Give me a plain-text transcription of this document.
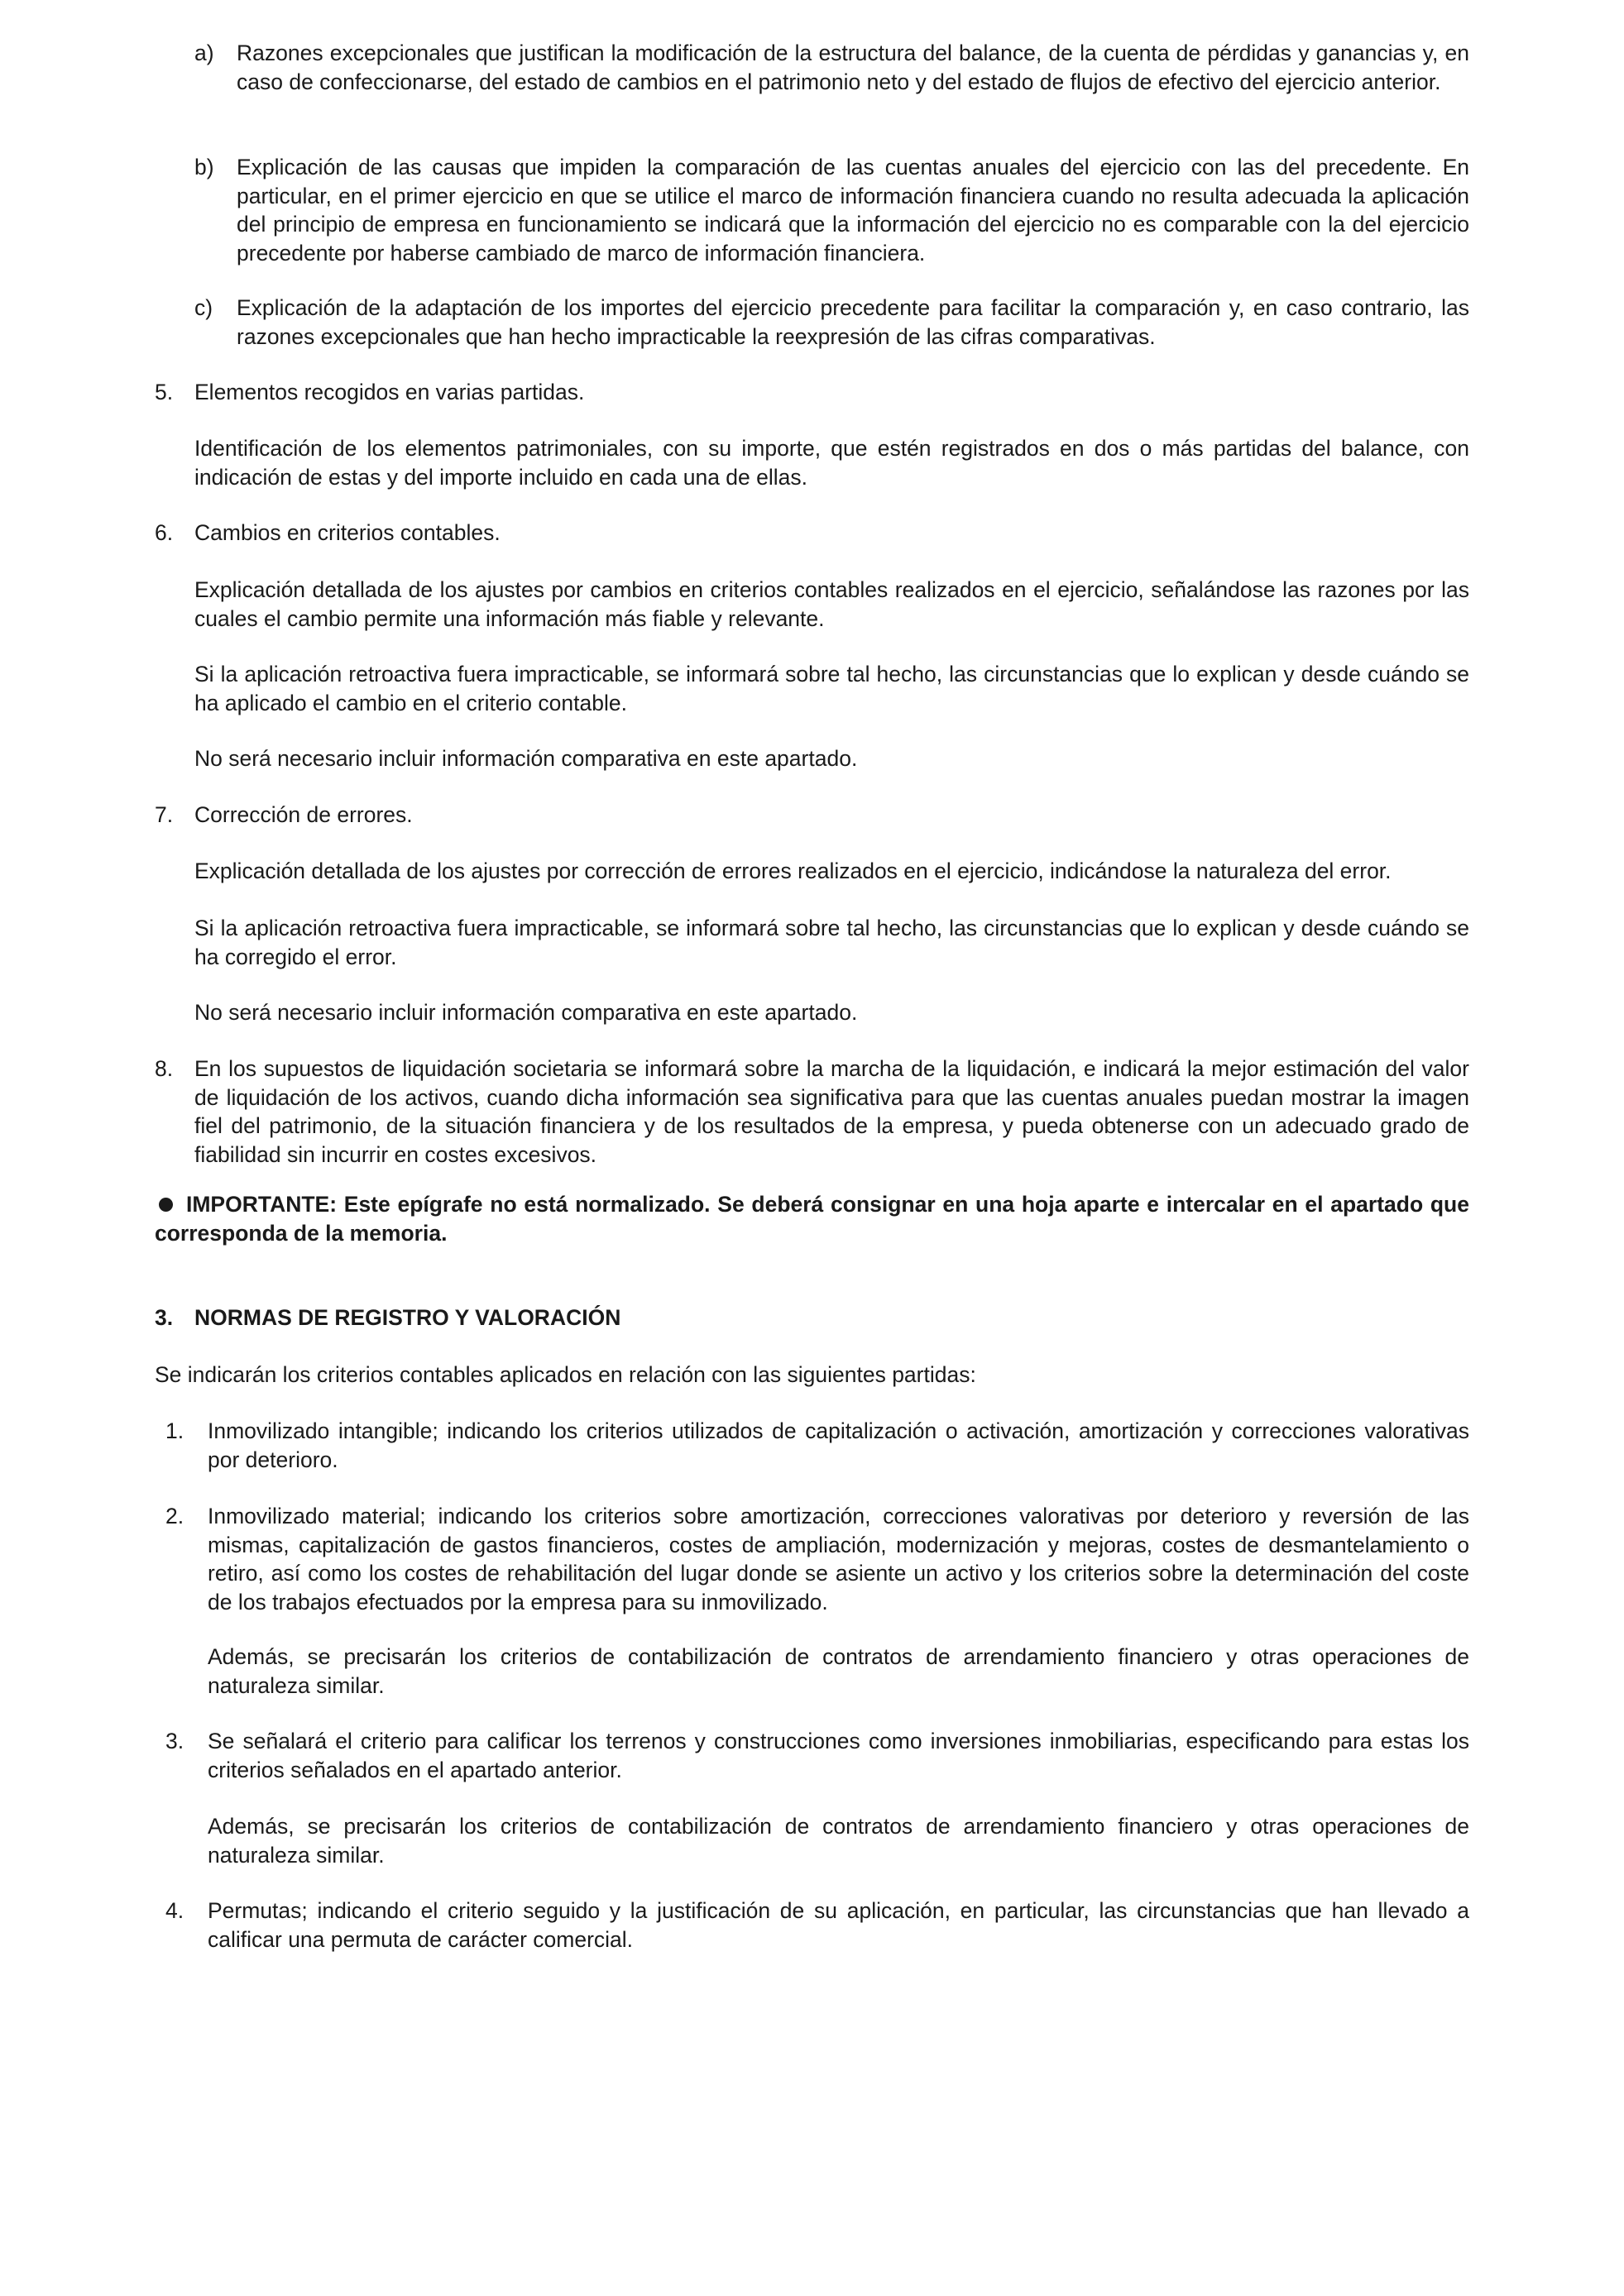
a) Razones excepcionales que justifican la modificación de la estructura del balance, de la cuenta de pérdidas y ganancias y, en caso de confeccionarse, del estado de cambios en el patrimonio neto y del estado de flujos de efectivo del ejercicio anterior.

b) Explicación de las causas que impiden la comparación de las cuentas anuales del ejercicio con las del precedente. En particular, en el primer ejercicio en que se utilice el marco de información financiera cuando no resulta adecuada la aplicación del principio de empresa en funcionamiento se indicará que la información del ejercicio no es comparable con la del ejercicio precedente por haberse cambiado de marco de información financiera.

c) Explicación de la adaptación de los importes del ejercicio precedente para facilitar la comparación y, en caso contrario, las razones excepcionales que han hecho impracticable la reexpresión de las cifras comparativas.

5. Elementos recogidos en varias partidas.

Identificación de los elementos patrimoniales, con su importe, que estén registrados en dos o más partidas del balance, con indicación de estas y del importe incluido en cada una de ellas.

6. Cambios en criterios contables.

Explicación detallada de los ajustes por cambios en criterios contables realizados en el ejercicio, señalándose las razones por las cuales el cambio permite una información más fiable y relevante.

Si la aplicación retroactiva fuera impracticable, se informará sobre tal hecho, las circunstancias que lo explican y desde cuándo se ha aplicado el cambio en el criterio contable.

No será necesario incluir información comparativa en este apartado.

7. Corrección de errores.

Explicación detallada de los ajustes por corrección de errores realizados en el ejercicio, indicándose la naturaleza del error.

Si la aplicación retroactiva fuera impracticable, se informará sobre tal hecho, las circunstancias que lo explican y desde cuándo se ha corregido el error.

No será necesario incluir información comparativa en este apartado.

8. En los supuestos de liquidación societaria se informará sobre la marcha de la liquidación, e indicará la mejor estimación del valor de liquidación de los activos, cuando dicha información sea significativa para que las cuentas anuales puedan mostrar la imagen fiel del patrimonio, de la situación financiera y de los resultados de la empresa, y pueda obtenerse con un adecuado grado de fiabilidad sin incurrir en costes excesivos.

IMPORTANTE: Este epígrafe no está normalizado. Se deberá consignar en una hoja aparte e intercalar en el apartado que corresponda de la memoria.

3. NORMAS DE REGISTRO Y VALORACIÓN

Se indicarán los criterios contables aplicados en relación con las siguientes partidas:

1. Inmovilizado intangible; indicando los criterios utilizados de capitalización o activación, amortización y correcciones valorativas por deterioro.

2. Inmovilizado material; indicando los criterios sobre amortización, correcciones valorativas por deterioro y reversión de las mismas, capitalización de gastos financieros, costes de ampliación, modernización y mejoras, costes de desmantelamiento o retiro, así como los costes de rehabilitación del lugar donde se asiente un activo y los criterios sobre la determinación del coste de los trabajos efectuados por la empresa para su inmovilizado.

Además, se precisarán los criterios de contabilización de contratos de arrendamiento financiero y otras operaciones de naturaleza similar.

3. Se señalará el criterio para calificar los terrenos y construcciones como inversiones inmobiliarias, especificando para estas los criterios señalados en el apartado anterior.

Además, se precisarán los criterios de contabilización de contratos de arrendamiento financiero y otras operaciones de naturaleza similar.

4. Permutas; indicando el criterio seguido y la justificación de su aplicación, en particular, las circunstancias que han llevado a calificar una permuta de carácter comercial.
